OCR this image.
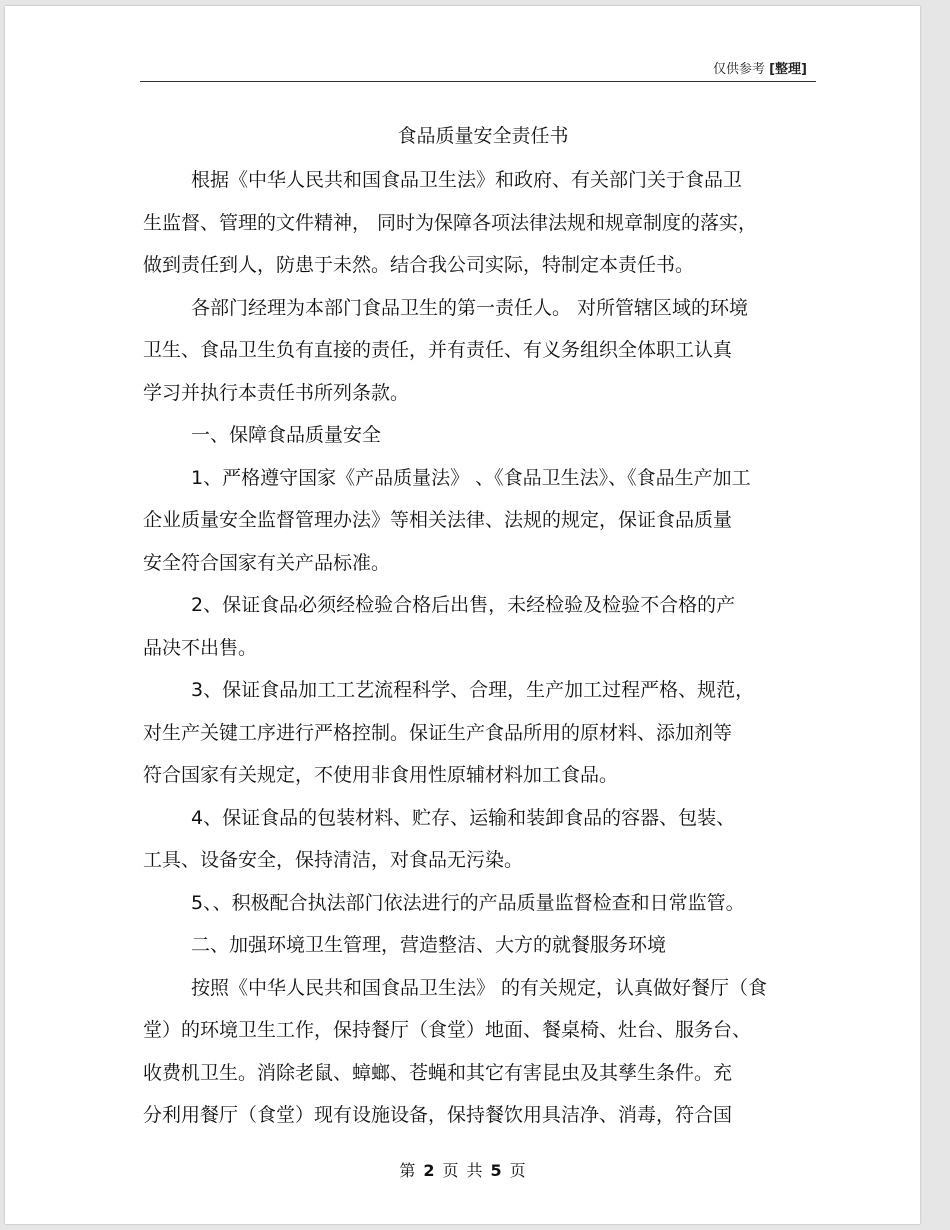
仅供参考 [整理]
食品质量安全责任书
根据《中华人民共和国食品卫生法》和政府、有关部门关于食品卫
生监督、管理的文件精神， 同时为保障各项法律法规和规章制度的落实，
做到责任到人，防患于未然。结合我公司实际，特制定本责任书。
各部门经理为本部门食品卫生的第一责任人。 对所管辖区域的环境
卫生、食品卫生负有直接的责任，并有责任、有义务组织全体职工认真
学习并执行本责任书所列条款。
一、保障食品质量安全
1、严格遵守国家《产品质量法》 、《食品卫生法》、《食品生产加工
企业质量安全监督管理办法》等相关法律、法规的规定，保证食品质量
安全符合国家有关产品标准。
2、保证食品必须经检验合格后出售，未经检验及检验不合格的产
品决不出售。
3、保证食品加工工艺流程科学、合理，生产加工过程严格、规范，
对生产关键工序进行严格控制。保证生产食品所用的原材料、添加剂等
符合国家有关规定，不使用非食用性原辅材料加工食品。
4、保证食品的包装材料、贮存、运输和装卸食品的容器、包装、
工具、设备安全，保持清洁，对食品无污染。
5、、积极配合执法部门依法进行的产品质量监督检查和日常监管。
二、加强环境卫生管理，营造整洁、大方的就餐服务环境
按照《中华人民共和国食品卫生法》 的有关规定，认真做好餐厅（食
堂）的环境卫生工作，保持餐厅（食堂）地面、餐桌椅、灶台、服务台、
收费机卫生。消除老鼠、蟑螂、苍蝇和其它有害昆虫及其孳生条件。充
分利用餐厅（食堂）现有设施设备，保持餐饮用具洁净、消毒，符合国
第 2 页 共 5 页
